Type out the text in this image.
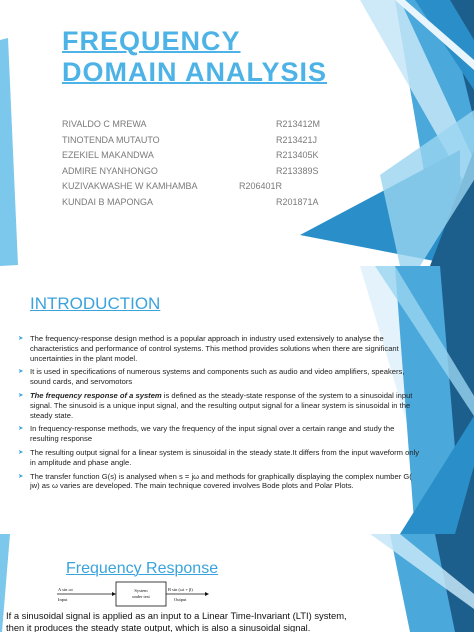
FREQUENCY
DOMAIN ANALYSIS
RIVALDO C MREWA	R213412M
TINOTENDA MUTAUTO	R213421J
EZEKIEL MAKANDWA	R213405K
ADMIRE NYANHONGO	R213389S
KUZIVAKWASHE W KAMHAMBA	R206401R
KUNDAI B MAPONGA	R201871A
INTRODUCTION
➤ The frequency-response design method is a popular approach in industry used extensively to analyse the characteristics and performance of control systems. This method provides solutions when there are significant uncertainties in the plant model.
➤ It is used in specifications of numerous systems and components such as audio and video amplifiers, speakers, sound cards, and servomotors
➤ The frequency response of a system is defined as the steady-state response of the system to a sinusoidal input signal. The sinusoid is a unique input signal, and the resulting output signal for a linear system is sinusoidal in the steady state.
➤ In frequency-response methods, we vary the frequency of the input signal over a certain range and study the resulting response
➤ The resulting output signal for a linear system is sinusoidal in the steady state.It differs from the input waveform only in amplitude and phase angle.
➤ The transfer function G(s) is analysed when s = jω and methods for graphically displaying the complex number G( jw) as ω varies are developed. The main technique covered involves Bode plots and Polar Plots.
Frequency Response
A sin ωt
Input
System
under test
B sin (ωt + β)
Output
If a sinusoidal signal is applied as an input to a Linear Time-Invariant (LTI) system,
then it produces the steady state output, which is also a sinusoidal signal.
